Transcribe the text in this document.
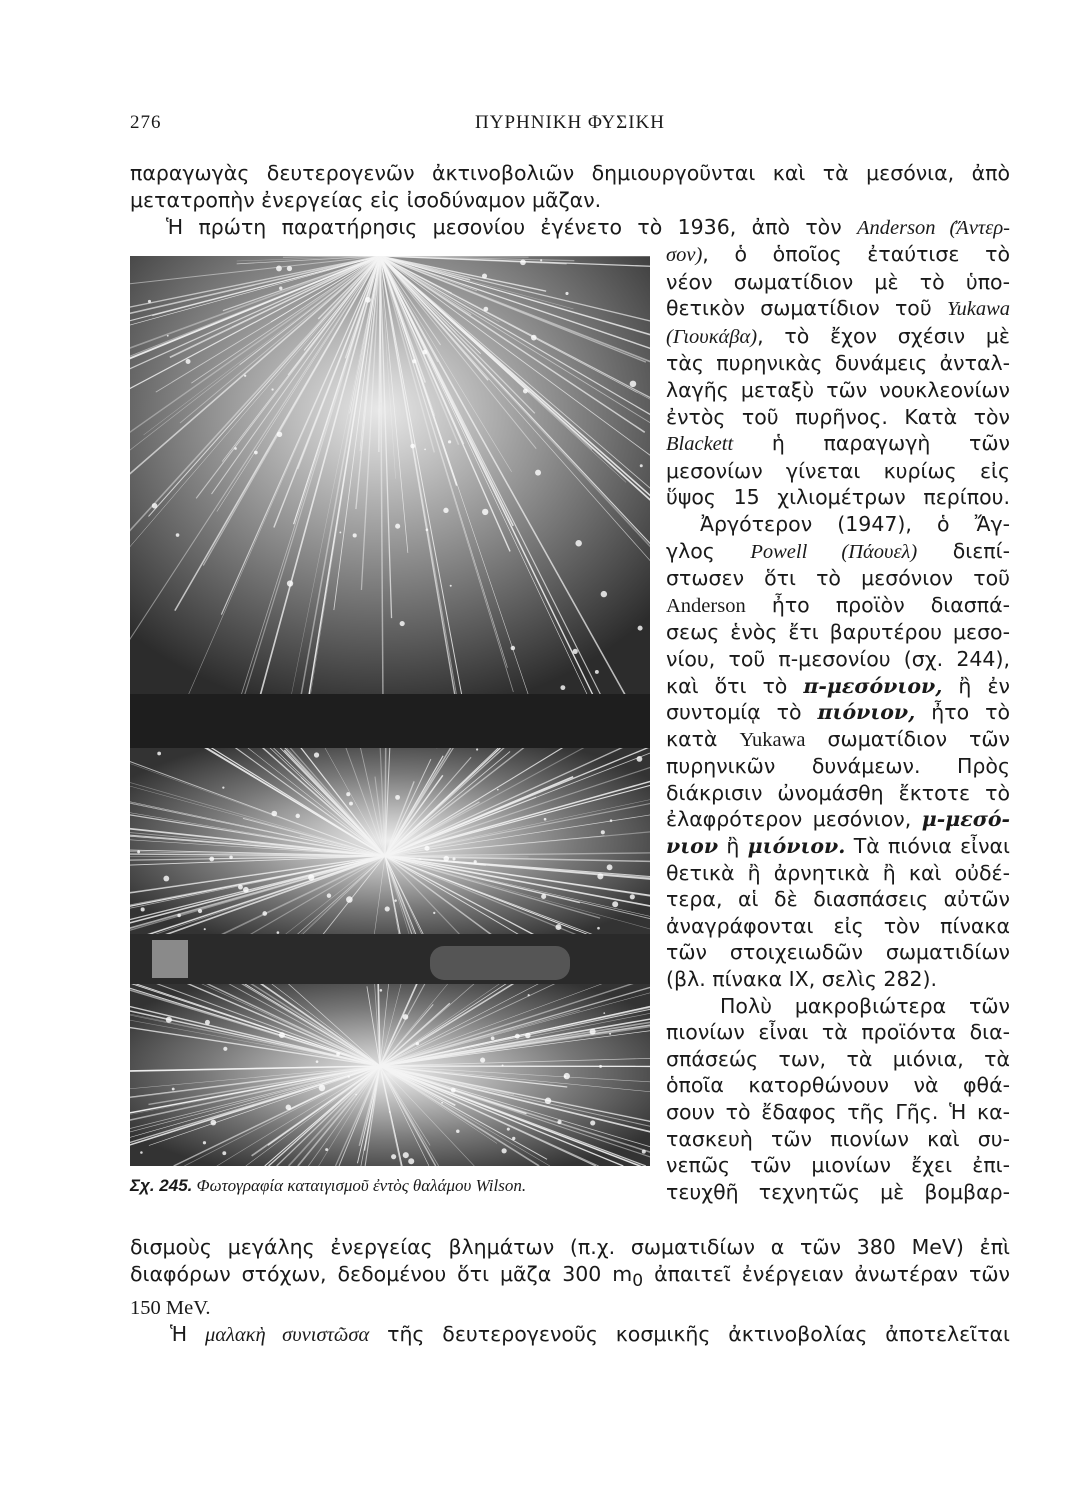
276	ΠΥΡΗΝΙΚΗ ΦΥΣΙΚΗ
παραγωγὰς δευτερογενῶν ἀκτινοβολιῶν δημιουργοῦνται καὶ τὰ μεσόνια, ἀπὸ
μετατροπὴν ἐνεργείας εἰς ἰσοδύναμον μᾶζαν.
Ἡ πρώτη παρατήρησις μεσονίου ἐγένετο τὸ 1936, ἀπὸ τὸν Anderson (Ἄντερ-
σον), ὁ ὁποῖος ἐταύτισε τὸ
νέον σωματίδιον μὲ τὸ ὑπο-
θετικὸν σωματίδιον τοῦ Yukawa
(Γιουκάβα), τὸ ἔχον σχέσιν μὲ
τὰς πυρηνικὰς δυνάμεις ἀνταλ-
λαγῆς μεταξὺ τῶν νουκλεονίων
ἐντὸς τοῦ πυρῆνος. Κατὰ τὸν
Blackett ἡ παραγωγὴ τῶν
μεσονίων γίνεται κυρίως εἰς
ὕψος 15 χιλιομέτρων περίπου.
Ἀργότερον (1947), ὁ Ἄγ-
γλος Powell (Πάουελ) διεπί-
στωσεν ὅτι τὸ μεσόνιον τοῦ
Anderson ἦτο προϊὸν διασπά-
σεως ἑνὸς ἔτι βαρυτέρου μεσο-
νίου, τοῦ π-μεσονίου (σχ. 244),
καὶ ὅτι τὸ π-μεσόνιον, ἢ ἐν
συντομίᾳ τὸ πιόνιον, ἦτο τὸ
κατὰ Yukawa σωματίδιον τῶν
πυρηνικῶν δυνάμεων. Πρὸς
διάκρισιν ὠνομάσθη ἔκτοτε τὸ
ἐλαφρότερον μεσόνιον, μ-μεσό-
νιον ἢ μιόνιον. Τὰ πιόνια εἶναι
θετικὰ ἢ ἀρνητικὰ ἢ καὶ οὐδέ-
τερα, αἱ δὲ διασπάσεις αὐτῶν
ἀναγράφονται εἰς τὸν πίνακα
τῶν στοιχειωδῶν σωματιδίων
(βλ. πίνακα IX, σελὶς 282).
Πολὺ μακροβιώτερα τῶν
πιονίων εἶναι τὰ προϊόντα δια-
σπάσεώς των, τὰ μιόνια, τὰ
ὁποῖα κατορθώνουν νὰ φθά-
σουν τὸ ἔδαφος τῆς Γῆς. Ἡ κα-
τασκευὴ τῶν πιονίων καὶ συ-
νεπῶς τῶν μιονίων ἔχει ἐπι-
τευχθῆ τεχνητῶς μὲ βομβαρ-
Σχ. 245. Φωτογραφία καταιγισμοῦ ἐντὸς θαλάμου Wilson.
δισμοὺς μεγάλης ἐνεργείας βλημάτων (π.χ. σωματιδίων α τῶν 380 MeV) ἐπὶ
διαφόρων στόχων, δεδομένου ὅτι μᾶζα 300 $m_0$ ἀπαιτεῖ ἐνέργειαν ἀνωτέραν τῶν
150 MeV.
Ἡ μαλακὴ συνιστῶσα τῆς δευτερογενοῦς κοσμικῆς ἀκτινοβολίας ἀποτελεῖται
